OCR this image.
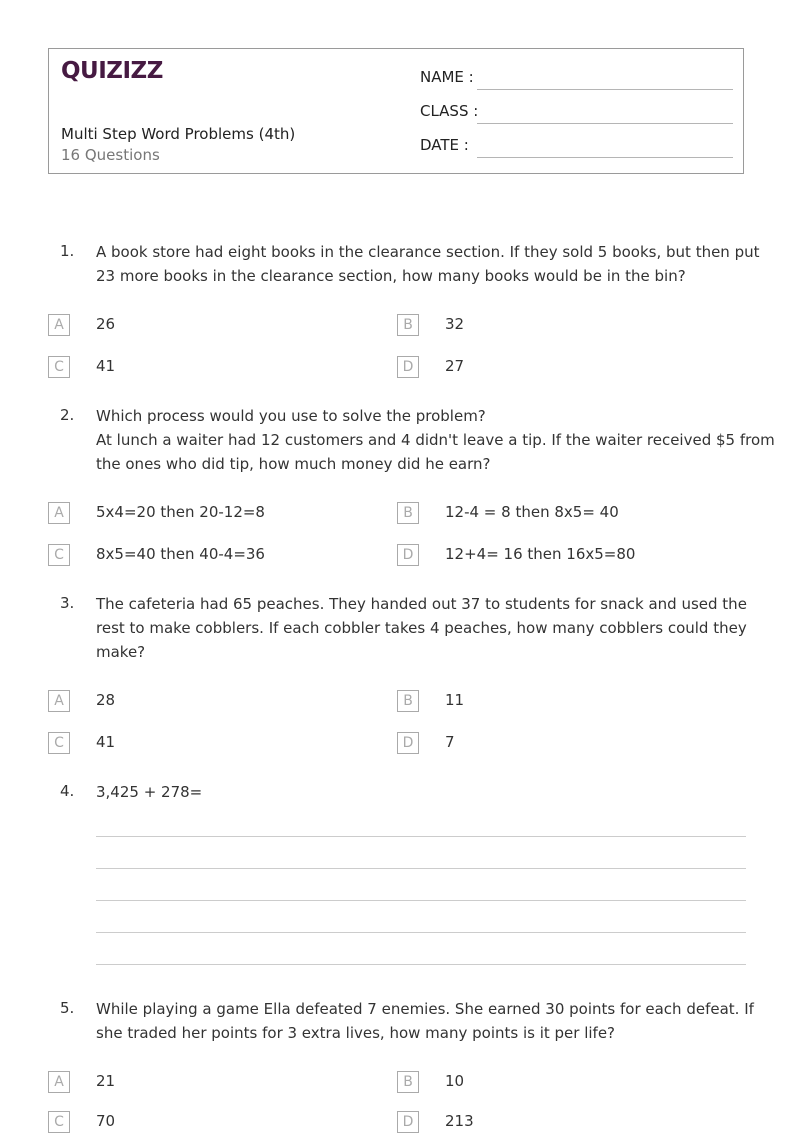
QUIZIZZ
Multi Step Word Problems (4th)
16 Questions
NAME :
CLASS :
DATE :
1. A book store had eight books in the clearance section. If they sold 5 books, but then put
23 more books in the clearance section, how many books would be in the bin?
A	26	B	32
C	41	D	27
2. Which process would you use to solve the problem?
At lunch a waiter had 12 customers and 4 didn't leave a tip. If the waiter received $5 from
the ones who did tip, how much money did he earn?
A	5x4=20 then 20-12=8	B	12-4 = 8 then 8x5= 40
C	8x5=40 then 40-4=36	D	12+4= 16 then 16x5=80
3. The cafeteria had 65 peaches. They handed out 37 to students for snack and used the
rest to make cobblers. If each cobbler takes 4 peaches, how many cobblers could they
make?
A	28	B	11
C	41	D	7
4. 3,425 + 278=
5. While playing a game Ella defeated 7 enemies. She earned 30 points for each defeat. If
she traded her points for 3 extra lives, how many points is it per life?
A	21	B	10
C	70	D	213
